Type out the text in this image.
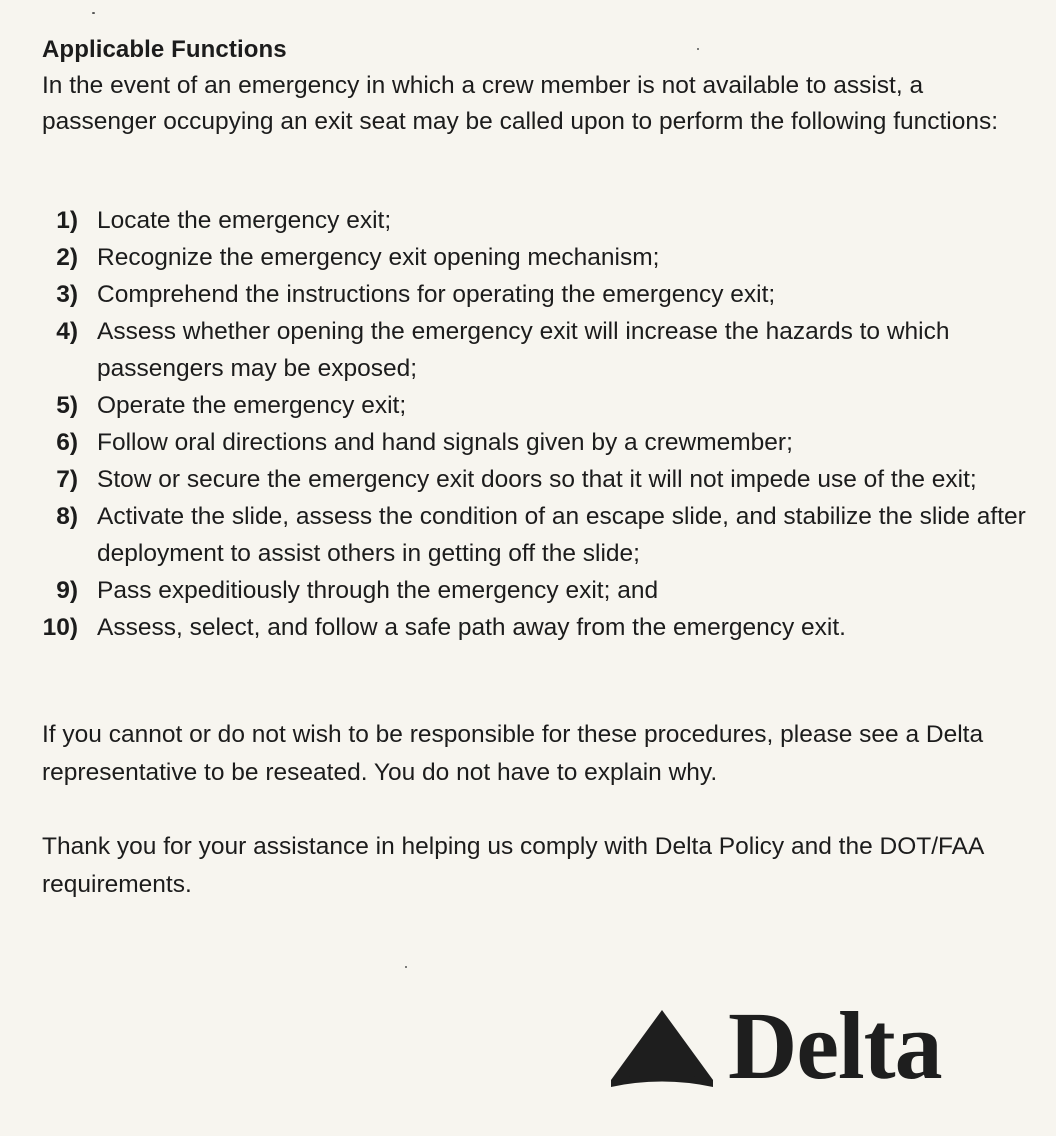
Applicable Functions
In the event of an emergency in which a crew member is not available to assist, a passenger occupying an exit seat may be called upon to perform the following functions:
1) Locate the emergency exit;
2) Recognize the emergency exit opening mechanism;
3) Comprehend the instructions for operating the emergency exit;
4) Assess whether opening the emergency exit will increase the hazards to which passengers may be exposed;
5) Operate the emergency exit;
6) Follow oral directions and hand signals given by a crewmember;
7) Stow or secure the emergency exit doors so that it will not impede use of the exit;
8) Activate the slide, assess the condition of an escape slide, and stabilize the slide after deployment to assist others in getting off the slide;
9) Pass expeditiously through the emergency exit; and
10) Assess, select, and follow a safe path away from the emergency exit.
If you cannot or do not wish to be responsible for these procedures, please see a Delta representative to be reseated. You do not have to explain why.
Thank you for your assistance in helping us comply with Delta Policy and the DOT/FAA requirements.
Delta
